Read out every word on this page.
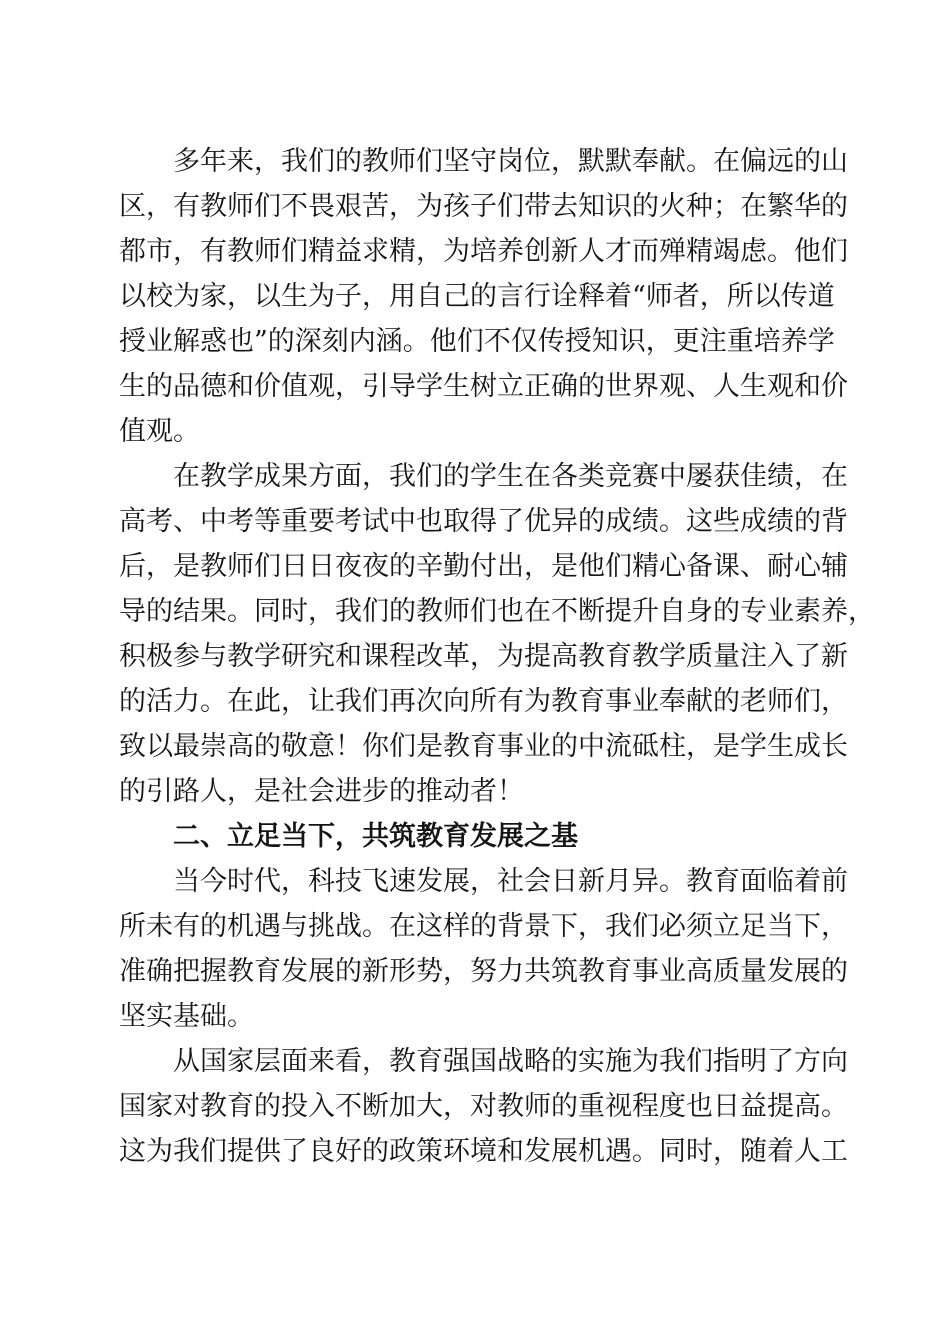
多年来，我们的教师们坚守岗位，默默奉献。在偏远的山
区，有教师们不畏艰苦，为孩子们带去知识的火种；在繁华的
都市，有教师们精益求精，为培养创新人才而殚精竭虑。他们
以校为家，以生为子，用自己的言行诠释着“师者，所以传道
授业解惑也”的深刻内涵。他们不仅传授知识，更注重培养学
生的品德和价值观，引导学生树立正确的世界观、人生观和价
值观。
在教学成果方面，我们的学生在各类竞赛中屡获佳绩，在
高考、中考等重要考试中也取得了优异的成绩。这些成绩的背
后，是教师们日日夜夜的辛勤付出，是他们精心备课、耐心辅
导的结果。同时，我们的教师们也在不断提升自身的专业素养，
积极参与教学研究和课程改革，为提高教育教学质量注入了新
的活力。在此，让我们再次向所有为教育事业奉献的老师们，
致以最崇高的敬意！你们是教育事业的中流砥柱，是学生成长
的引路人，是社会进步的推动者！
二、立足当下，共筑教育发展之基
当今时代，科技飞速发展，社会日新月异。教育面临着前
所未有的机遇与挑战。在这样的背景下，我们必须立足当下，
准确把握教育发展的新形势，努力共筑教育事业高质量发展的
坚实基础。
从国家层面来看，教育强国战略的实施为我们指明了方向
国家对教育的投入不断加大，对教师的重视程度也日益提高。
这为我们提供了良好的政策环境和发展机遇。同时，随着人工
